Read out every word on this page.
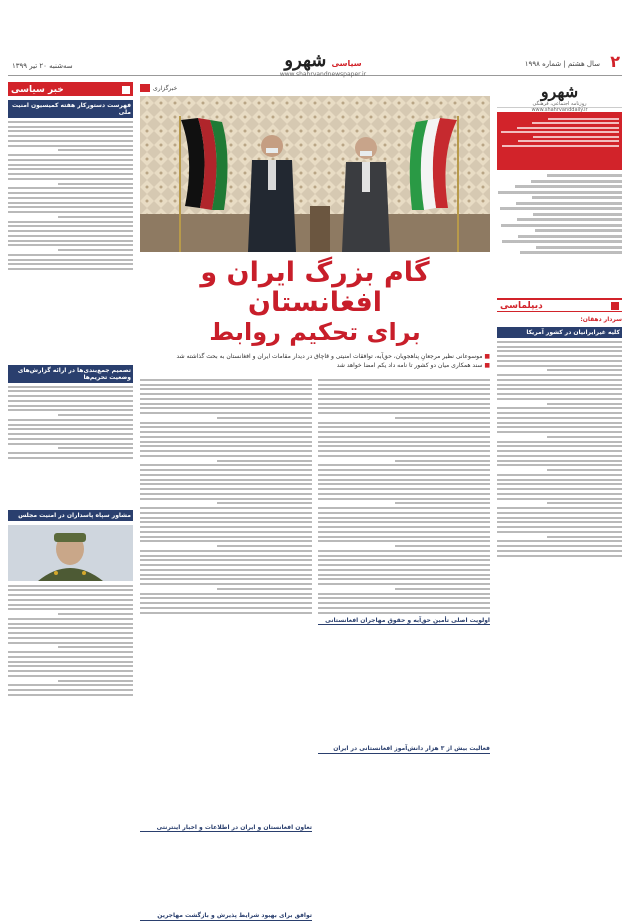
۲
سال هشتم | شماره ۱۹۹۸
سیاسی شهرو
www.shahrvandnewspaper.ir
سه‌شنبه ۲۰ تیر ۱۳۹۹
شهرو
روزنامه اجتماعی، فرهنگی
www.shahrvanddaily.ir
دیپلماسی
سردار دهقان:
کلیه غیرایرانیان در کشور آمریکا
خبر سیاسی
فهرست دستورکار هفته کمیسیون امنیت ملی
تصمیم جمع‌بندی‌ها در ارائه گزارش‌های وضعیت تحریم‌ها
مشاور سپاه پاسداران در امنیت مجلس
خبرگزاری
گام بزرگ ایران و افغانستان
برای تحکیم روابط
■ موسوعانی نظیر مرجعانِ پناهجویان، حق‌آبه، توافقات امنیتی و قاچاق در دیدار مقامات ایران و افغانستان به بحث گذاشته شد
■ سند همکاری میان دو کشور تا نامه داد یکم امضا خواهد شد
اولویت اصلی تأمین حق‌آبه و حقوق مهاجران افغانستانی
فعالیت بیش از ۳ هزار دانش‌آموز افغانستانی در ایران
تعاون افغانستان و ایران در اطلاعات و اخبار اینترنتی
توافق برای بهبود شرایط پذیرش و بازگشت مهاجرین
